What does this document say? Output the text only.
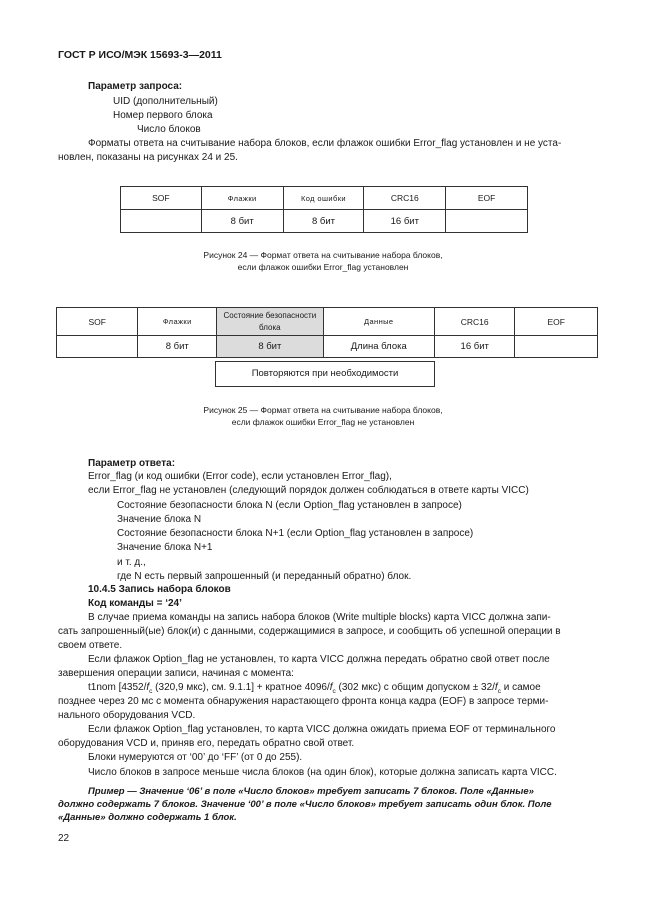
ГОСТ Р ИСО/МЭК 15693-3—2011
Параметр запроса:
UID (дополнительный)
Номер первого блока
Число блоков
Форматы ответа на считывание набора блоков, если флажок ошибки Error_flag установлен и не уста-
новлен, показаны на рисунках 24 и 25.
SOF	Флажки	Код ошибки	CRC16	EOF
	8 бит	8 бит	16 бит	
Рисунок 24 — Формат ответа на считывание набора блоков,
если флажок ошибки Error_flag установлен
SOF	Флажки	Состояние безопасности блока	Данные	CRC16	EOF
	8 бит	8 бит	Длина блока	16 бит	
Повторяются при необходимости
Рисунок 25 — Формат ответа на считывание набора блоков,
если флажок ошибки Error_flag не установлен
Параметр ответа:
Error_flag (и код ошибки (Error code), если установлен Error_flag),
если Error_flag не установлен (следующий порядок должен соблюдаться в ответе карты VICC)
Состояние безопасности блока N (если Option_flag установлен в запросе)
Значение блока N
Состояние безопасности блока N+1 (если Option_flag установлен в запросе)
Значение блока N+1
и т. д.,
где N есть первый запрошенный (и переданный обратно) блок.
10.4.5 Запись набора блоков
Код команды = ‘24’
В случае приема команды на запись набора блоков (Write multiple blocks) карта VICC должна запи-
сать запрошенный(ые) блок(и) с данными, содержащимися в запросе, и сообщить об успешной операции в
своем ответе.
Если флажок Option_flag не установлен, то карта VICC должна передать обратно свой ответ после
завершения операции записи, начиная с момента:
t1nom [$4352/f_c$ (320,9 мкс), см. 9.1.1] + кратное $4096/f_c$ (302 мкс) с общим допуском ± $32/f_c$ и самое
позднее через 20 мс с момента обнаружения нарастающего фронта конца кадра (EOF) в запросе терми-
нального оборудования VCD.
Если флажок Option_flag установлен, то карта VICC должна ожидать приема EOF от терминального
оборудования VCD и, приняв его, передать обратно свой ответ.
Блоки нумеруются от ‘00’ до ‘FF’ (от 0 до 255).
Число блоков в запросе меньше числа блоков (на один блок), которые должна записать карта VICC.
Пример — Значение ‘06’ в поле «Число блоков» требует записать 7 блоков. Поле «Данные»
должно содержать 7 блоков. Значение ‘00’ в поле «Число блоков» требует записать один блок. Поле
«Данные» должно содержать 1 блок.
22
